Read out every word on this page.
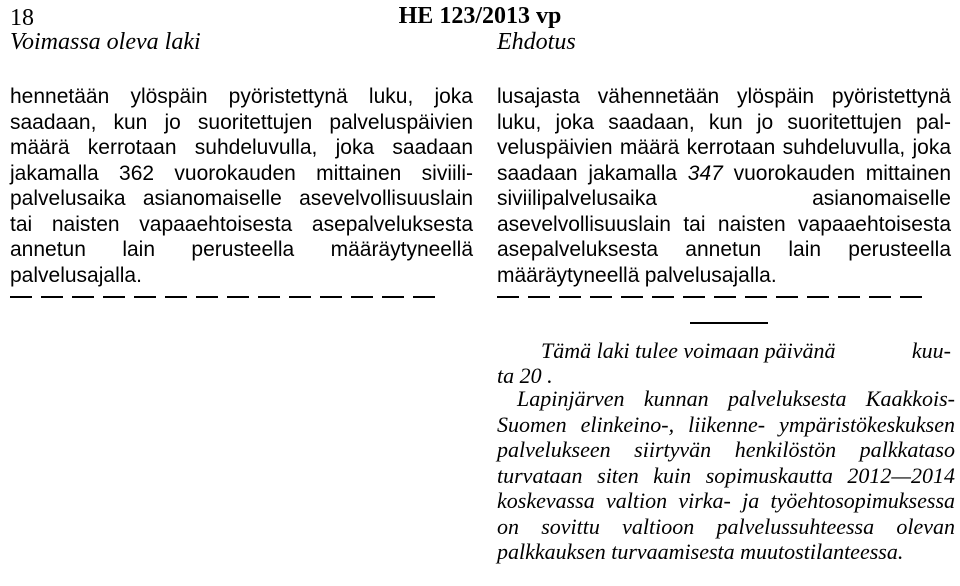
18	HE 123/2013 vp
Voimassa oleva laki	Ehdotus
hennetään ylöspäin pyöristettynä luku, joka saadaan, kun jo suoritettujen palveluspäivien määrä kerrotaan suhdeluvulla, joka saadaan jakamalla 362 vuorokauden mittainen siviilipalvelusaika asianomaiselle asevelvollisuuslain tai naisten vapaaehtoisesta asepalveluksesta annetun lain perusteella määräytyneellä palvelusajalla.
lusajasta vähennetään ylöspäin pyöristettynä luku, joka saadaan, kun jo suoritettujen palveluspäivien määrä kerrotaan suhdeluvulla, joka saadaan jakamalla 347 vuorokauden mittainen siviilipalvelusaika asianomaiselle asevelvollisuuslain tai naisten vapaaehtoisesta asepalveluksesta annetun lain perusteella määräytyneellä palvelusajalla.
Tämä laki tulee voimaan päivänä	kuu-
ta 20 .
Lapinjärven kunnan palveluksesta Kaakkois-Suomen elinkeino-, liikenne- ympäristökeskuksen palvelukseen siirtyvän henkilöstön palkkataso turvataan siten kuin sopimuskautta 2012—2014 koskevassa valtion virka- ja työehtosopimuksessa on sovittu valtioon palvelussuhteessa olevan palkkauksen turvaamisesta muutostilanteessa.
